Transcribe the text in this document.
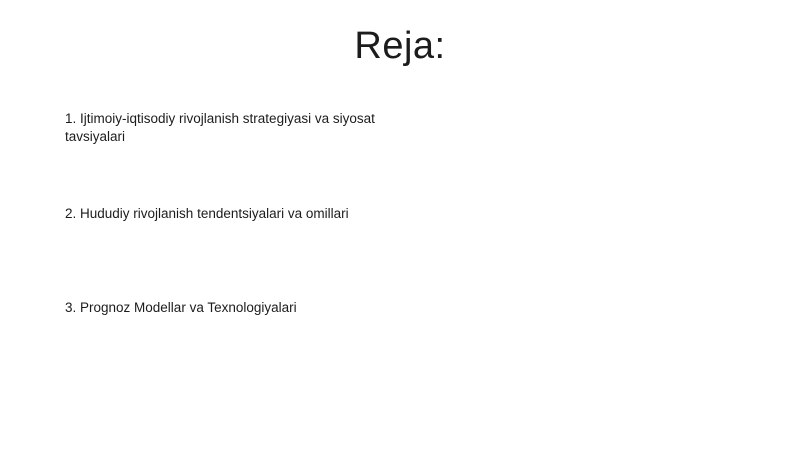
Reja:
1. Ijtimoiy-iqtisodiy rivojlanish strategiyasi va siyosat tavsiyalari
2. Hududiy rivojlanish tendentsiyalari va omillari
3. Prognoz Modellar va Texnologiyalari
